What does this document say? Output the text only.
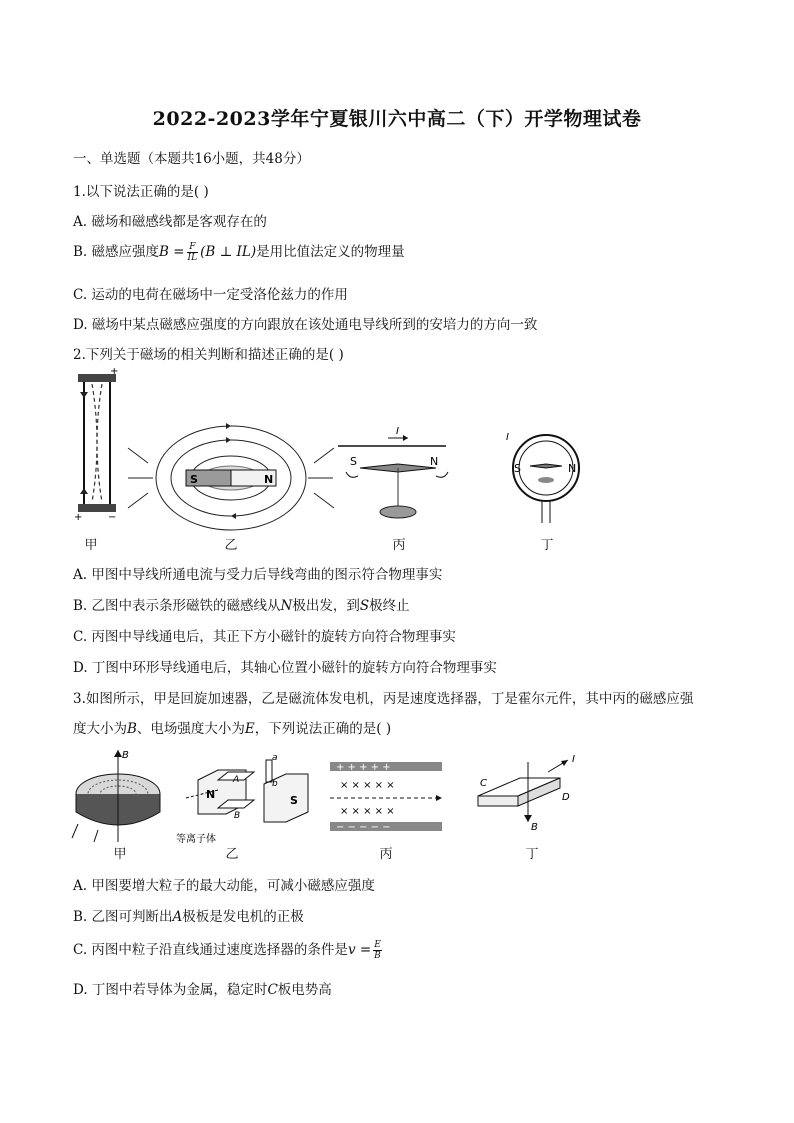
2022-2023学年宁夏银川六中高二（下）开学物理试卷
一、单选题（本题共16小题，共48分）
1.以下说法正确的是( )
A. 磁场和磁感线都是客观存在的
B. 磁感应强度$B = \frac{F}{IL} (B$ ⊥ IL)是用比值法定义的物理量
C. 运动的电荷在磁场中一定受洛伦兹力的作用
D. 磁场中某点磁感应强度的方向跟放在该处通电导线所到的安培力的方向一致
2.下列关于磁场的相关判断和描述正确的是( )
+	−
+
S	N
I
S	N
S	N
I
甲	乙	丙	丁
A. 甲图中导线所通电流与受力后导线弯曲的图示符合物理事实
B. 乙图中表示条形磁铁的磁感线从N极出发，到S极终止
C. 丙图中导线通电后，其正下方小磁针的旋转方向符合物理事实
D. 丁图中环形导线通电后，其轴心位置小磁针的旋转方向符合物理事实
3.如图所示，甲是回旋加速器，乙是磁流体发电机，丙是速度选择器，丁是霍尔元件，其中丙的磁感应强
度大小为B、电场强度大小为E，下列说法正确的是( )
B
N	S
A
B
a
b
等离子体
+ + + + +
− − − − −
× × × × ×
× × × × ×
B
I
C
D
甲	乙	丙	丁
A. 甲图要增大粒子的最大动能，可减小磁感应强度
B. 乙图可判断出A极板是发电机的正极
C. 丙图中粒子沿直线通过速度选择器的条件是$v = \frac{E}{B}$
D. 丁图中若导体为金属，稳定时C板电势高
